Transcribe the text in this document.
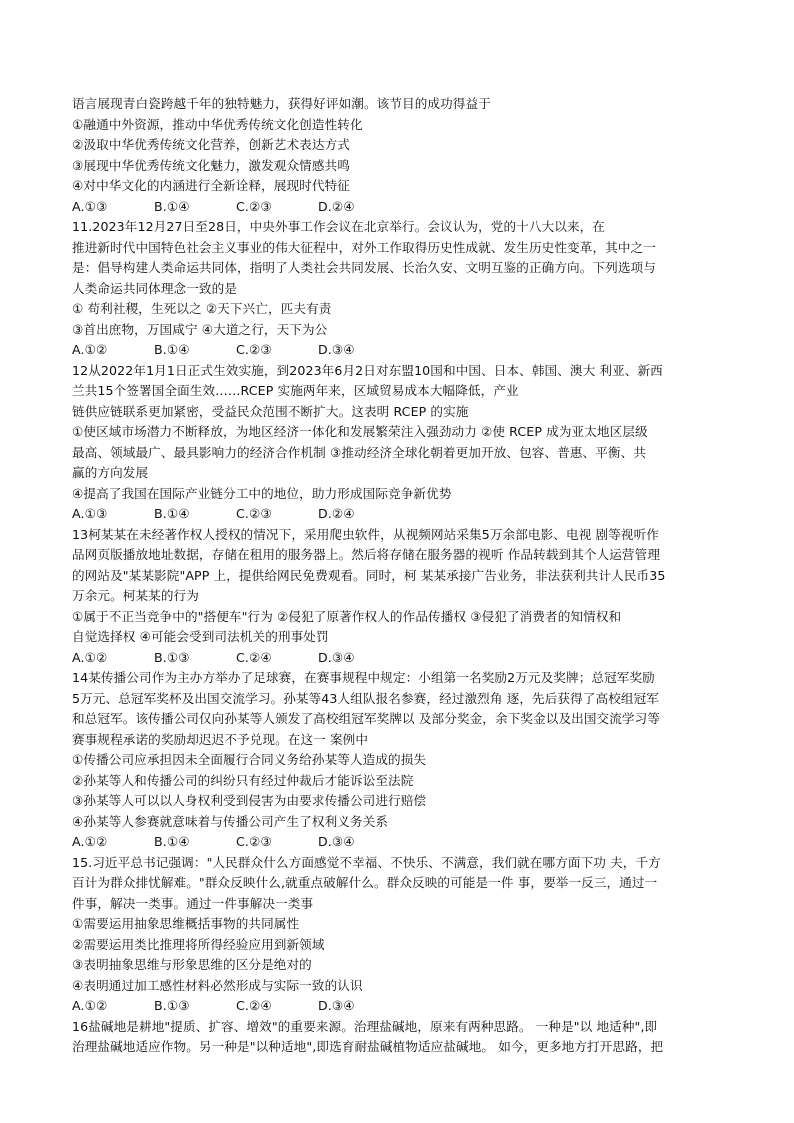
语言展现青白瓷跨越千年的独特魅力，获得好评如潮。该节目的成功得益于
①融通中外资源，推动中华优秀传统文化创造性转化
②汲取中华优秀传统文化营养，创新艺术表达方式
③展现中华优秀传统文化魅力，激发观众情感共鸣
④对中华文化的内涵进行全新诠释，展现时代特征
A.①③	B.①④	C.②③	D.②④
11.2023年12月27日至28日，中央外事工作会议在北京举行。会议认为，党的十八大以来，在
推进新时代中国特色社会主义事业的伟大征程中，对外工作取得历史性成就、发生历史性变革，其中之一
是：倡导构建人类命运共同体，指明了人类社会共同发展、长治久安、文明互鉴的正确方向。下列选项与
人类命运共同体理念一致的是
① 苟利社稷，生死以之 ②天下兴亡，匹夫有责
③首出庶物，万国咸宁 ④大道之行，天下为公
A.①②	B.①④	C.②③	D.③④
12从2022年1月1日正式生效实施，到2023年6月2日对东盟10国和中国、日本、韩国、澳大 利亚、新西
兰共15个签署国全面生效……RCEP 实施两年来，区域贸易成本大幅降低，产业
链供应链联系更加紧密，受益民众范围不断扩大。这表明 RCEP 的实施
①使区域市场潜力不断释放，为地区经济一体化和发展繁荣注入强劲动力 ②使 RCEP 成为亚太地区层级
最高、领域最广、最具影响力的经济合作机制 ③推动经济全球化朝着更加开放、包容、普惠、平衡、共
赢的方向发展
④提高了我国在国际产业链分工中的地位，助力形成国际竞争新优势
A.①③	B.①④	C.②③	D.②④
13柯某某在未经著作权人授权的情况下，采用爬虫软件，从视频网站采集5万余部电影、电视 剧等视听作
品网页版播放地址数据，存储在租用的服务器上。然后将存储在服务器的视听 作品转载到其个人运营管理
的网站及"某某影院"APP 上，提供给网民免费观看。同时，柯 某某承接广告业务，非法获利共计人民币35
万余元。柯某某的行为
①属于不正当竞争中的"搭便车"行为 ②侵犯了原著作权人的作品传播权 ③侵犯了消费者的知情权和
自觉选择权 ④可能会受到司法机关的刑事处罚
A.①②	B.①③	C.②④	D.③④
14某传播公司作为主办方举办了足球赛，在赛事规程中规定：小组第一名奖励2万元及奖牌；总冠军奖励
5万元、总冠军奖杯及出国交流学习。孙某等43人组队报名参赛，经过激烈角 逐，先后获得了高校组冠军
和总冠军。该传播公司仅向孙某等人颁发了高校组冠军奖牌以 及部分奖金，余下奖金以及出国交流学习等
赛事规程承诺的奖励却迟迟不予兑现。在这一 案例中
①传播公司应承担因未全面履行合同义务给孙某等人造成的损失
②孙某等人和传播公司的纠纷只有经过仲裁后才能诉讼至法院
③孙某等人可以以人身权利受到侵害为由要求传播公司进行赔偿
④孙某等人参赛就意味着与传播公司产生了权利义务关系
A.①②	B.①④	C.②③	D.③④
15.习近平总书记强调："人民群众什么方面感觉不幸福、不快乐、不满意，我们就在哪方面下功 夫，千方
百计为群众排忧解难。"群众反映什么,就重点破解什么。群众反映的可能是一件 事，要举一反三，通过一
件事，解决一类事。通过一件事解决一类事
①需要运用抽象思维概括事物的共同属性
②需要运用类比推理将所得经验应用到新领域
③表明抽象思维与形象思维的区分是绝对的
④表明通过加工感性材料必然形成与实际一致的认识
A.①②	B.①③	C.②④	D.③④
16盐碱地是耕地"提质、扩容、增效"的重要来源。治理盐碱地，原来有两种思路。 一种是"以 地适种",即
治理盐碱地适应作物。另一种是"以种适地",即选育耐盐碱植物适应盐碱地。 如今，更多地方打开思路，把
